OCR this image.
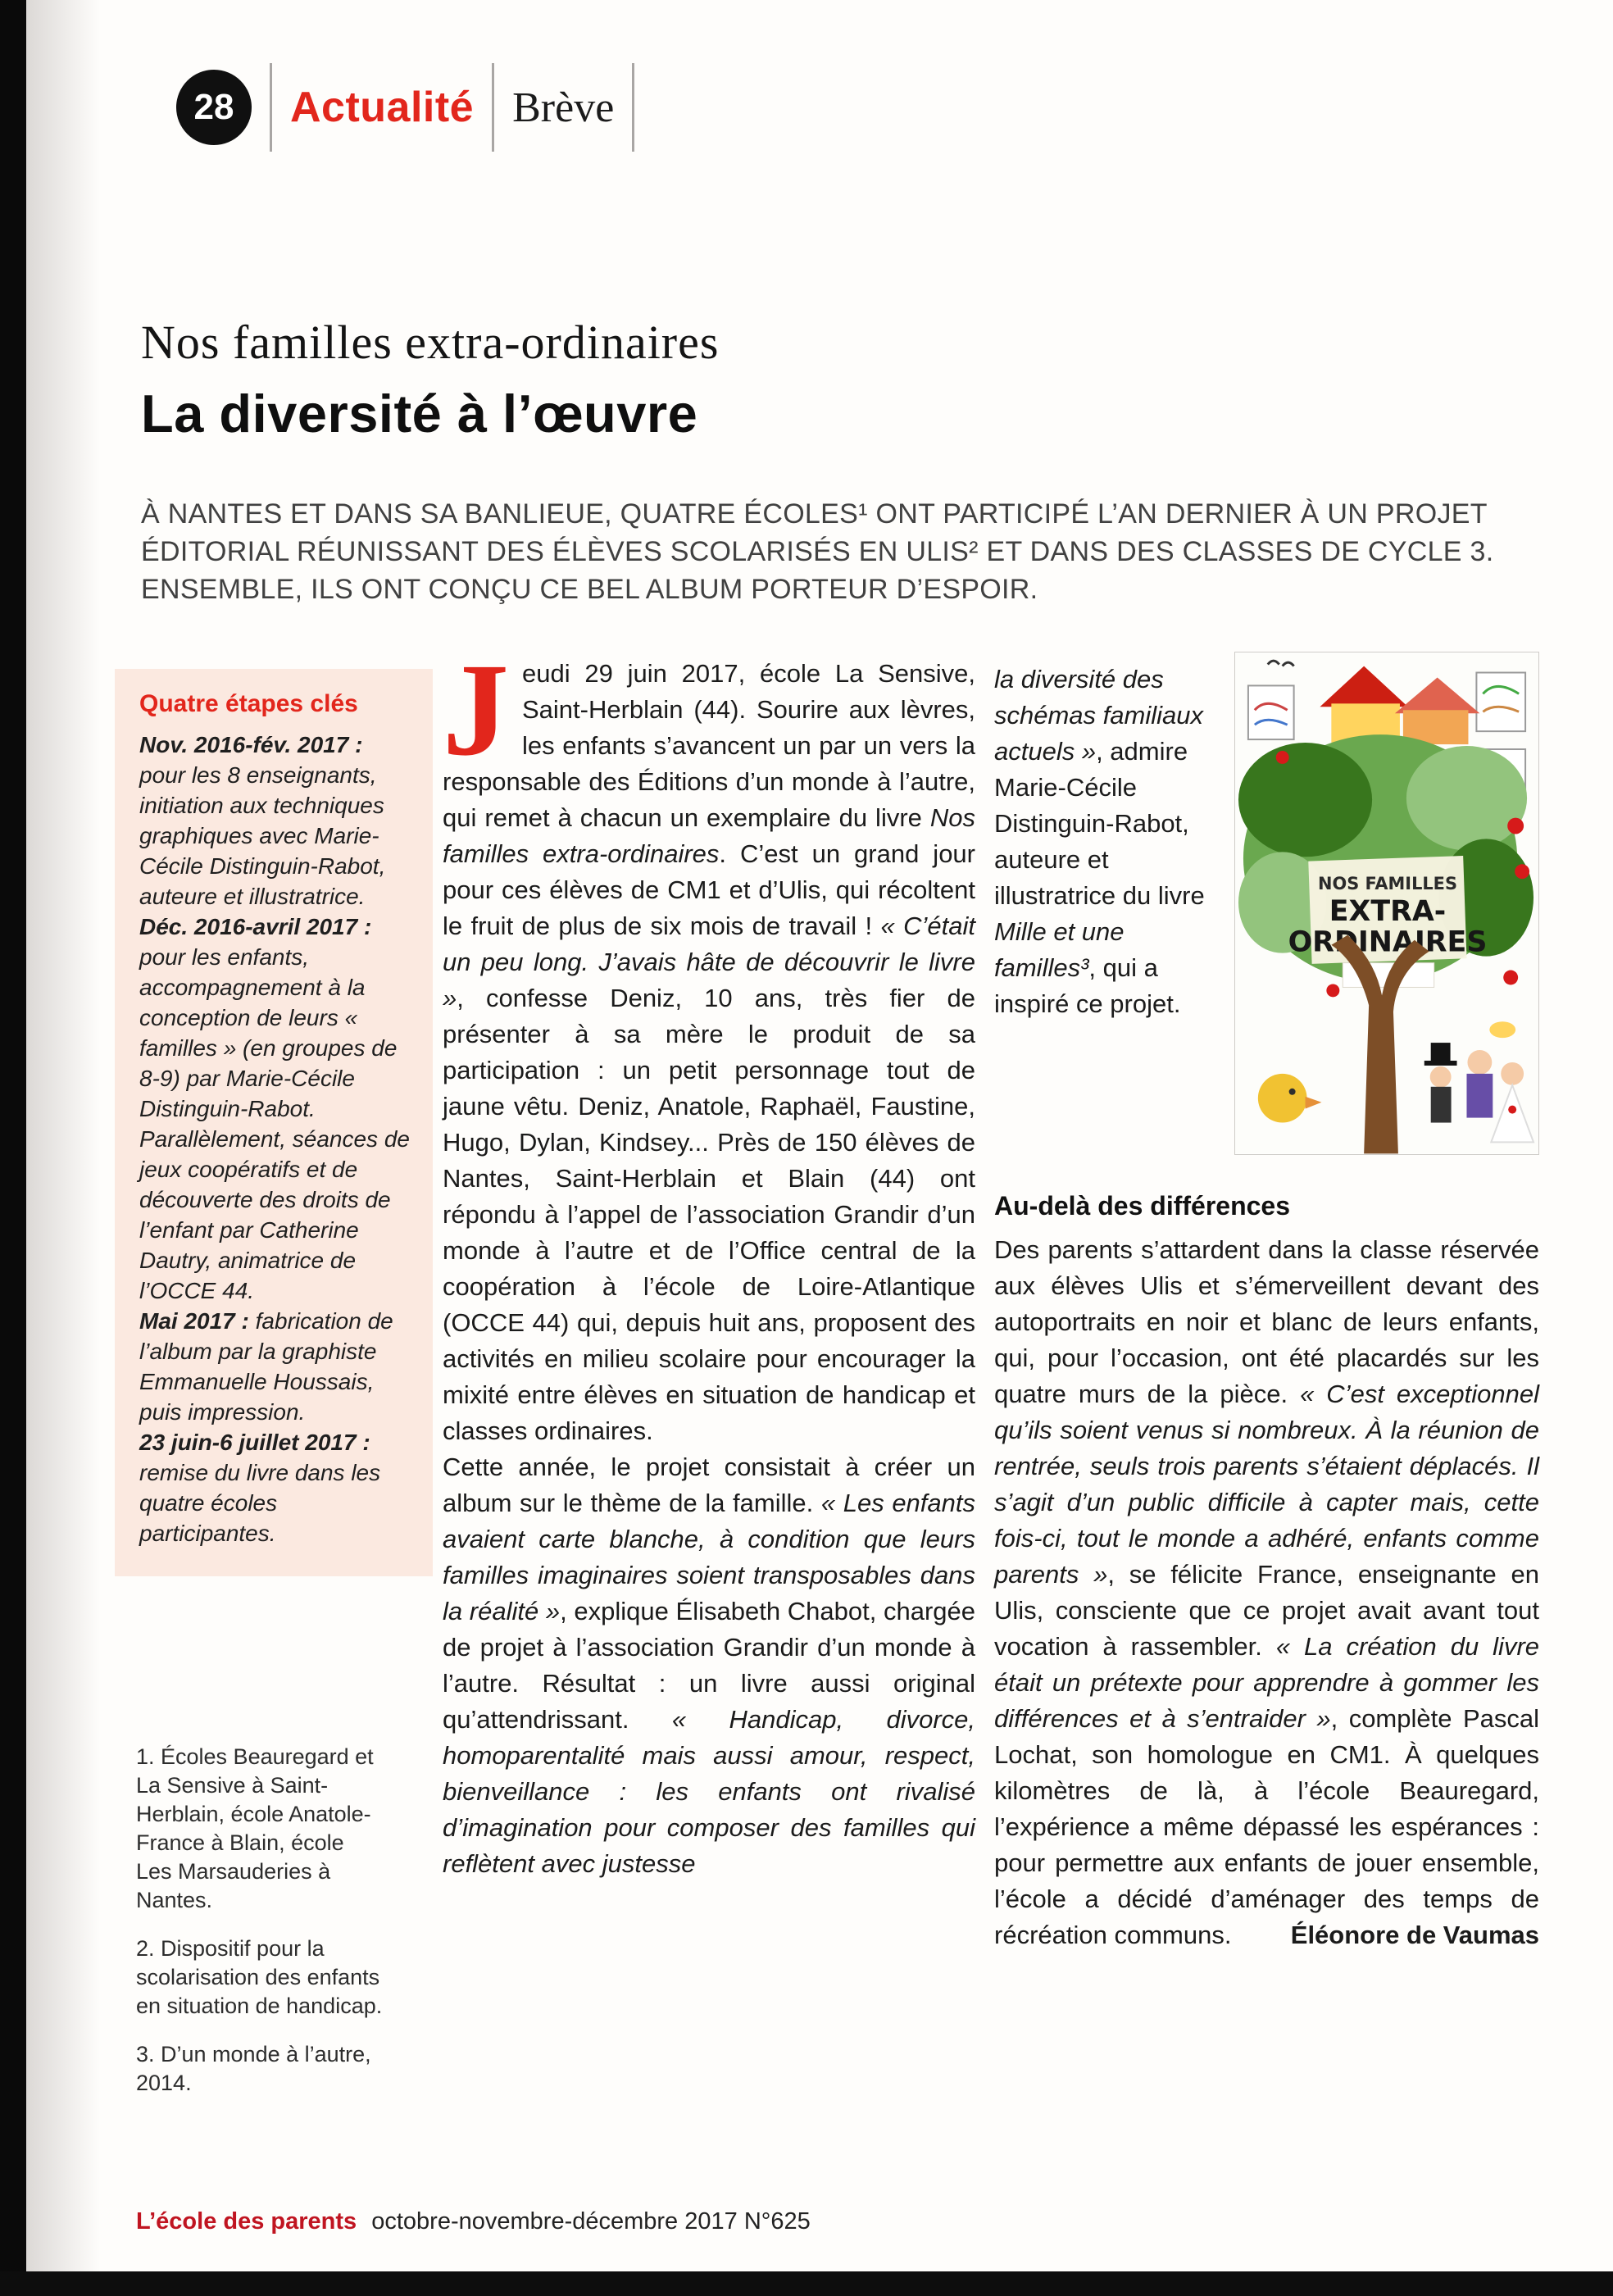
28 Actualité Brève
Nos familles extra-ordinaires
La diversité à l’œuvre

À NANTES ET DANS SA BANLIEUE, QUATRE ÉCOLES¹ ONT PARTICIPÉ L’AN DERNIER À UN PROJET ÉDITORIAL RÉUNISSANT DES ÉLÈVES SCOLARISÉS EN ULIS² ET DANS DES CLASSES DE CYCLE 3. ENSEMBLE, ILS ONT CONÇU CE BEL ALBUM PORTEUR D’ESPOIR.

Quatre étapes clés

Nov. 2016-fév. 2017 : pour les 8 enseignants, initiation aux techniques graphiques avec Marie-Cécile Distinguin-Rabot, auteure et illustratrice.

Déc. 2016-avril 2017 : pour les enfants, accompagnement à la conception de leurs « familles » (en groupes de 8-9) par Marie-Cécile Distinguin-Rabot. Parallèlement, séances de jeux coopératifs et de découverte des droits de l’enfant par Catherine Dautry, animatrice de l’OCCE 44.

Mai 2017 : fabrication de l’album par la graphiste Emmanuelle Houssais, puis impression.

23 juin-6 juillet 2017 : remise du livre dans les quatre écoles participantes.

1. Écoles Beauregard et La Sensive à Saint-Herblain, école Anatole-France à Blain, école Les Marsauderies à Nantes.

2. Dispositif pour la scolarisation des enfants en situation de handicap.

3. D’un monde à l’autre, 2014.

Jeudi 29 juin 2017, école La Sensive, Saint-Herblain (44). Sourire aux lèvres, les enfants s’avancent un par un vers la responsable des Éditions d’un monde à l’autre, qui remet à chacun un exemplaire du livre Nos familles extra-ordinaires. C’est un grand jour pour ces élèves de CM1 et d’Ulis, qui récoltent le fruit de plus de six mois de travail ! « C’était un peu long. J’avais hâte de découvrir le livre », confesse Deniz, 10 ans, très fier de présenter à sa mère le produit de sa participation : un petit personnage tout de jaune vêtu. Deniz, Anatole, Raphaël, Faustine, Hugo, Dylan, Kindsey... Près de 150 élèves de Nantes, Saint-Herblain et Blain (44) ont répondu à l’appel de l’association Grandir d’un monde à l’autre et de l’Office central de la coopération à l’école de Loire-Atlantique (OCCE 44) qui, depuis huit ans, proposent des activités en milieu scolaire pour encourager la mixité entre élèves en situation de handicap et classes ordinaires.

Cette année, le projet consistait à créer un album sur le thème de la famille. « Les enfants avaient carte blanche, à condition que leurs familles imaginaires soient transposables dans la réalité », explique Élisabeth Chabot, chargée de projet à l’association Grandir d’un monde à l’autre. Résultat : un livre aussi original qu’attendrissant. « Handicap, divorce, homoparentalité mais aussi amour, respect, bienveillance : les enfants ont rivalisé d’imagination pour composer des familles qui reflètent avec justesse

la diversité des schémas familiaux actuels », admire Marie-Cécile Distinguin-Rabot, auteure et illustratrice du livre Mille et une familles³, qui a inspiré ce projet.
NOS FAMILLES
EXTRA-
ORDINAIRES
Au-delà des différences

Des parents s’attardent dans la classe réservée aux élèves Ulis et s’émerveillent devant des autoportraits en noir et blanc de leurs enfants, qui, pour l’occasion, ont été placardés sur les quatre murs de la pièce. « C’est exceptionnel qu’ils soient venus si nombreux. À la réunion de rentrée, seuls trois parents s’étaient déplacés. Il s’agit d’un public difficile à capter mais, cette fois-ci, tout le monde a adhéré, enfants comme parents », se félicite France, enseignante en Ulis, consciente que ce projet avait avant tout vocation à rassembler. « La création du livre était un prétexte pour apprendre à gommer les différences et à s’entraider », complète Pascal Lochat, son homologue en CM1. À quelques kilomètres de là, à l’école Beauregard, l’expérience a même dépassé les espérances : pour permettre aux enfants de jouer ensemble, l’école a décidé d’aménager des temps de récréation communs.	Éléonore de Vaumas
L’école des parents octobre-novembre-décembre 2017 N°625
